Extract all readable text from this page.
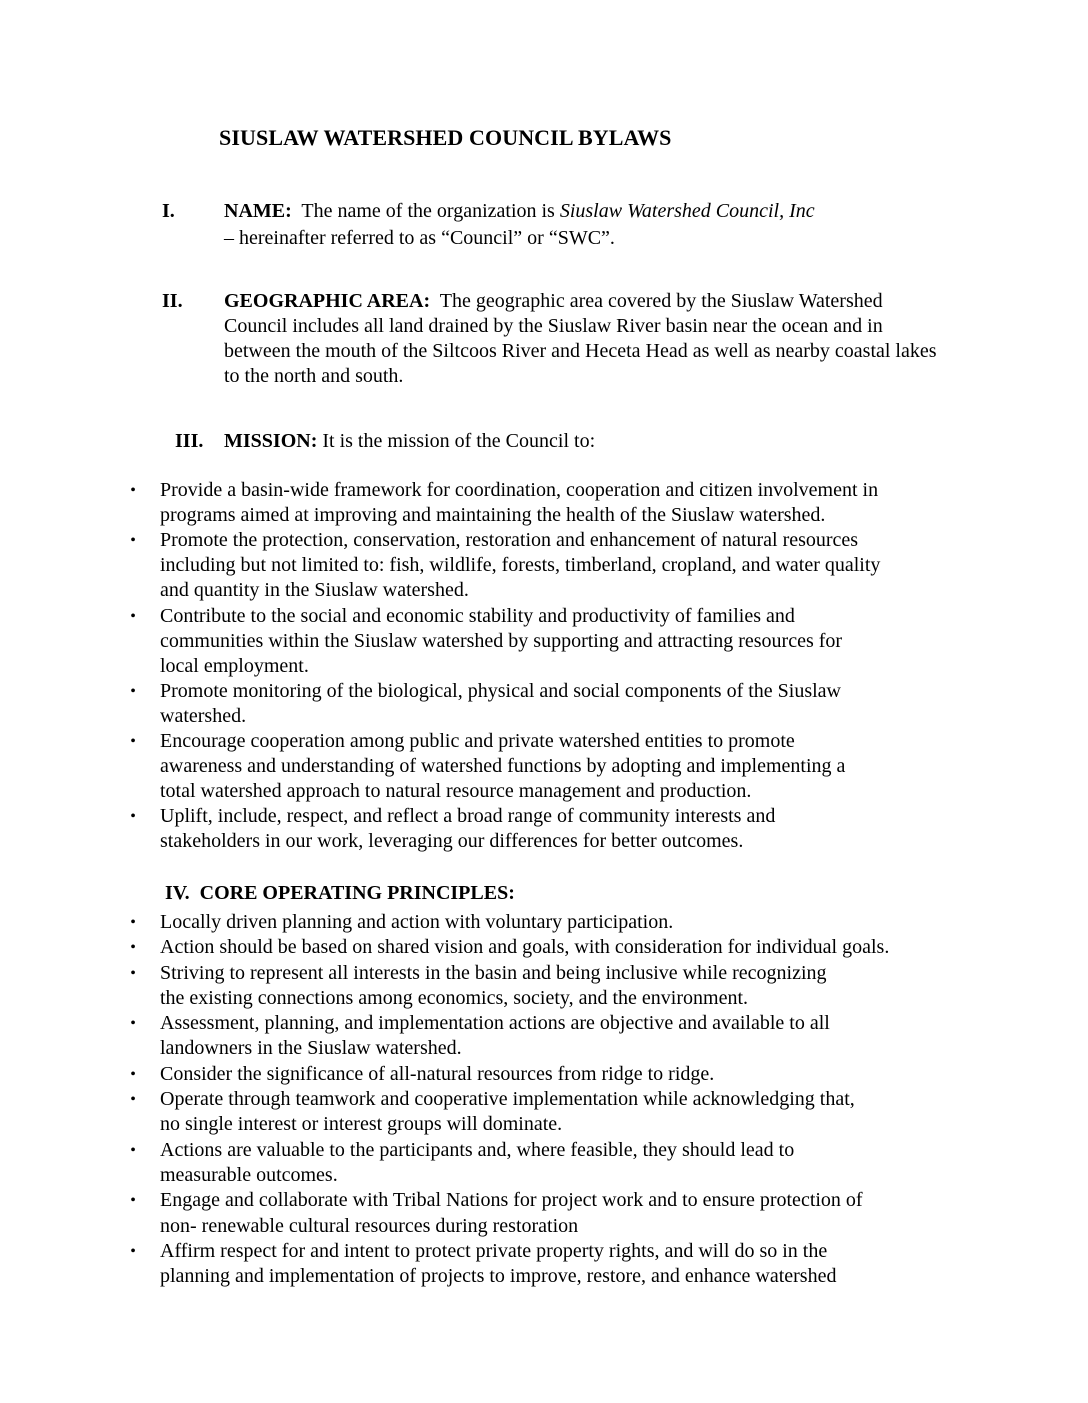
SIUSLAW WATERSHED COUNCIL BYLAWS
I. NAME:  The name of the organization is Siuslaw Watershed Council, Inc
– hereinafter referred to as “Council” or “SWC”.
II. GEOGRAPHIC AREA:  The geographic area covered by the Siuslaw Watershed
Council includes all land drained by the Siuslaw River basin near the ocean and in
between the mouth of the Siltcoos River and Heceta Head as well as nearby coastal lakes
to the north and south.
III. MISSION: It is the mission of the Council to:
• Provide a basin-wide framework for coordination, cooperation and citizen involvement in
programs aimed at improving and maintaining the health of the Siuslaw watershed.
• Promote the protection, conservation, restoration and enhancement of natural resources
including but not limited to: fish, wildlife, forests, timberland, cropland, and water quality
and quantity in the Siuslaw watershed.
• Contribute to the social and economic stability and productivity of families and
communities within the Siuslaw watershed by supporting and attracting resources for
local employment.
• Promote monitoring of the biological, physical and social components of the Siuslaw
watershed.
• Encourage cooperation among public and private watershed entities to promote
awareness and understanding of watershed functions by adopting and implementing a
total watershed approach to natural resource management and production.
• Uplift, include, respect, and reflect a broad range of community interests and
stakeholders in our work, leveraging our differences for better outcomes.
IV.  CORE OPERATING PRINCIPLES:
• Locally driven planning and action with voluntary participation.
• Action should be based on shared vision and goals, with consideration for individual goals.
• Striving to represent all interests in the basin and being inclusive while recognizing
the existing connections among economics, society, and the environment.
• Assessment, planning, and implementation actions are objective and available to all
landowners in the Siuslaw watershed.
• Consider the significance of all-natural resources from ridge to ridge.
• Operate through teamwork and cooperative implementation while acknowledging that,
no single interest or interest groups will dominate.
• Actions are valuable to the participants and, where feasible, they should lead to
measurable outcomes.
• Engage and collaborate with Tribal Nations for project work and to ensure protection of
non- renewable cultural resources during restoration
• Affirm respect for and intent to protect private property rights, and will do so in the
planning and implementation of projects to improve, restore, and enhance watershed
